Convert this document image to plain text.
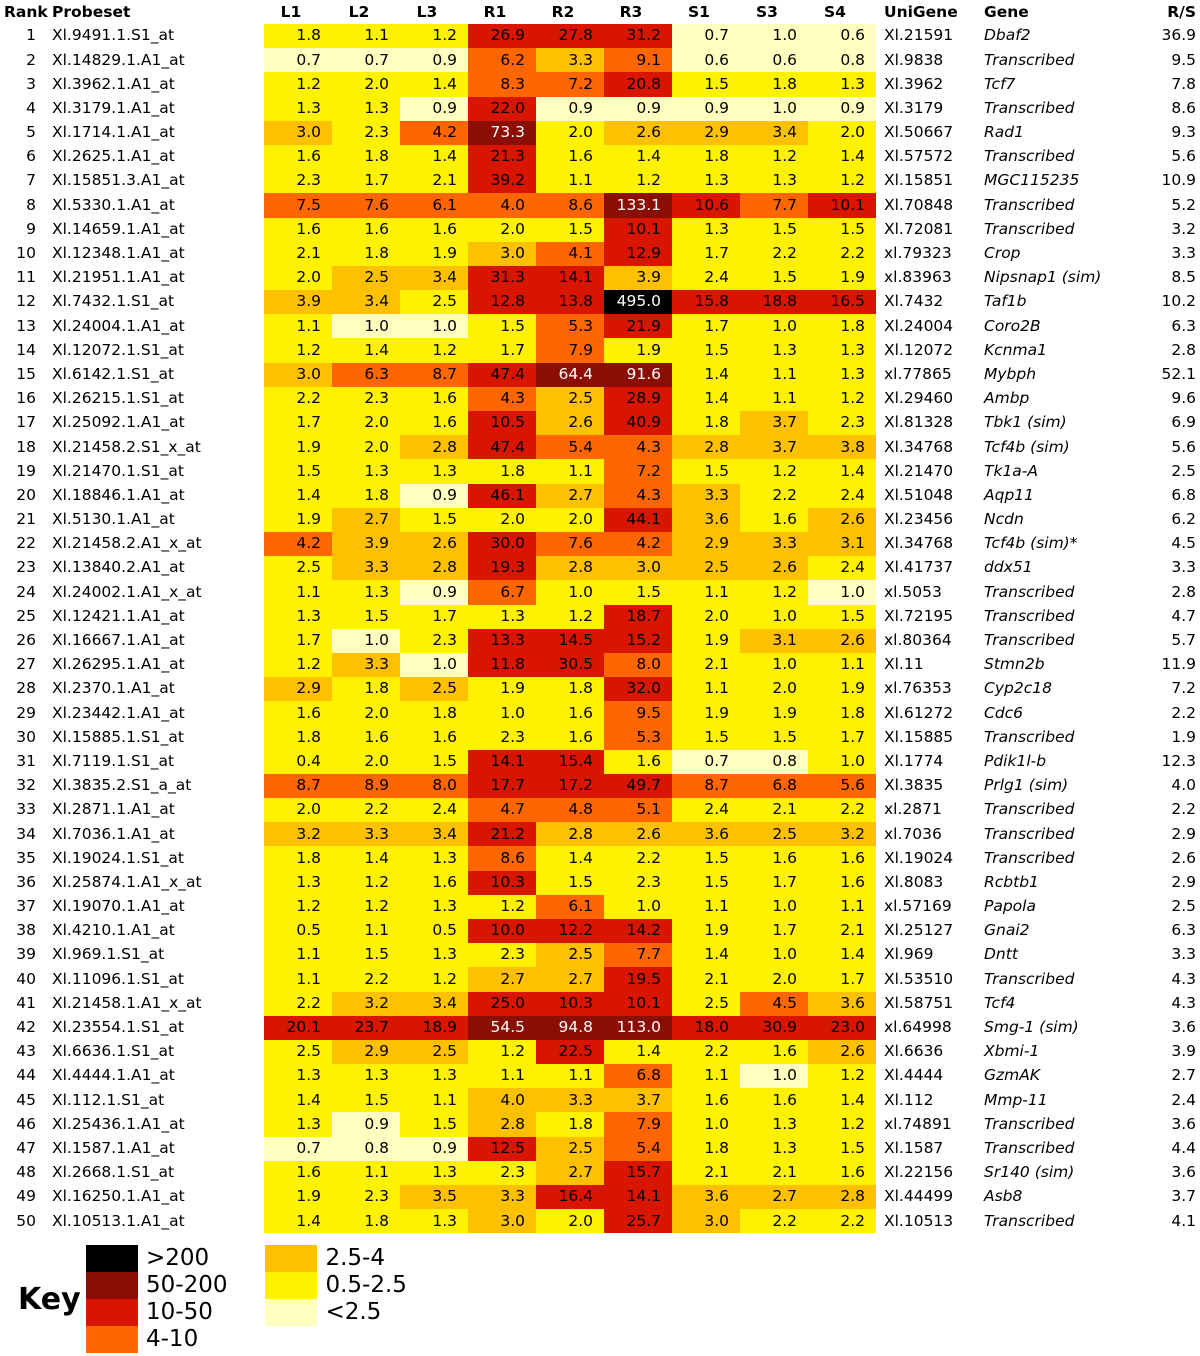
Rank Probeset	L1	L2	L3	R1	R2	R3	S1	S3	S4	UniGene	Gene	R/S
1	Xl.9491.1.S1_at	1.8	1.1	1.2	26.9	27.8	31.2	0.7	1.0	0.6	Xl.21591	Dbaf2	36.9
2	Xl.14829.1.A1_at	0.7	0.7	0.9	6.2	3.3	9.1	0.6	0.6	0.8	Xl.9838	Transcribed	9.5
3	Xl.3962.1.A1_at	1.2	2.0	1.4	8.3	7.2	20.8	1.5	1.8	1.3	Xl.3962	Tcf7	7.8
4	Xl.3179.1.A1_at	1.3	1.3	0.9	22.0	0.9	0.9	0.9	1.0	0.9	Xl.3179	Transcribed	8.6
5	Xl.1714.1.A1_at	3.0	2.3	4.2	73.3	2.0	2.6	2.9	3.4	2.0	Xl.50667	Rad1	9.3
6	Xl.2625.1.A1_at	1.6	1.8	1.4	21.3	1.6	1.4	1.8	1.2	1.4	Xl.57572	Transcribed	5.6
7	Xl.15851.3.A1_at	2.3	1.7	2.1	39.2	1.1	1.2	1.3	1.3	1.2	Xl.15851	MGC115235	10.9
8	Xl.5330.1.A1_at	7.5	7.6	6.1	4.0	8.6	133.1	10.6	7.7	10.1	Xl.70848	Transcribed	5.2
9	Xl.14659.1.A1_at	1.6	1.6	1.6	2.0	1.5	10.1	1.3	1.5	1.5	Xl.72081	Transcribed	3.2
10	Xl.12348.1.A1_at	2.1	1.8	1.9	3.0	4.1	12.9	1.7	2.2	2.2	xl.79323	Crop	3.3
11	Xl.21951.1.A1_at	2.0	2.5	3.4	31.3	14.1	3.9	2.4	1.5	1.9	xl.83963	Nipsnap1 (sim)	8.5
12	Xl.7432.1.S1_at	3.9	3.4	2.5	12.8	13.8	495.0	15.8	18.8	16.5	Xl.7432	Taf1b	10.2
13	Xl.24004.1.A1_at	1.1	1.0	1.0	1.5	5.3	21.9	1.7	1.0	1.8	Xl.24004	Coro2B	6.3
14	Xl.12072.1.S1_at	1.2	1.4	1.2	1.7	7.9	1.9	1.5	1.3	1.3	Xl.12072	Kcnma1	2.8
15	Xl.6142.1.S1_at	3.0	6.3	8.7	47.4	64.4	91.6	1.4	1.1	1.3	xl.77865	Mybph	52.1
16	Xl.26215.1.S1_at	2.2	2.3	1.6	4.3	2.5	28.9	1.4	1.1	1.2	Xl.29460	Ambp	9.6
17	Xl.25092.1.A1_at	1.7	2.0	1.6	10.5	2.6	40.9	1.8	3.7	2.3	Xl.81328	Tbk1 (sim)	6.9
18	Xl.21458.2.S1_x_at	1.9	2.0	2.8	47.4	5.4	4.3	2.8	3.7	3.8	Xl.34768	Tcf4b (sim)	5.6
19	Xl.21470.1.S1_at	1.5	1.3	1.3	1.8	1.1	7.2	1.5	1.2	1.4	Xl.21470	Tk1a-A	2.5
20	Xl.18846.1.A1_at	1.4	1.8	0.9	46.1	2.7	4.3	3.3	2.2	2.4	Xl.51048	Aqp11	6.8
21	Xl.5130.1.A1_at	1.9	2.7	1.5	2.0	2.0	44.1	3.6	1.6	2.6	Xl.23456	Ncdn	6.2
22	Xl.21458.2.A1_x_at	4.2	3.9	2.6	30.0	7.6	4.2	2.9	3.3	3.1	Xl.34768	Tcf4b (sim)*	4.5
23	Xl.13840.2.A1_at	2.5	3.3	2.8	19.3	2.8	3.0	2.5	2.6	2.4	Xl.41737	ddx51	3.3
24	Xl.24002.1.A1_x_at	1.1	1.3	0.9	6.7	1.0	1.5	1.1	1.2	1.0	xl.5053	Transcribed	2.8
25	Xl.12421.1.A1_at	1.3	1.5	1.7	1.3	1.2	18.7	2.0	1.0	1.5	Xl.72195	Transcribed	4.7
26	Xl.16667.1.A1_at	1.7	1.0	2.3	13.3	14.5	15.2	1.9	3.1	2.6	xl.80364	Transcribed	5.7
27	Xl.26295.1.A1_at	1.2	3.3	1.0	11.8	30.5	8.0	2.1	1.0	1.1	Xl.11	Stmn2b	11.9
28	Xl.2370.1.A1_at	2.9	1.8	2.5	1.9	1.8	32.0	1.1	2.0	1.9	xl.76353	Cyp2c18	7.2
29	Xl.23442.1.A1_at	1.6	2.0	1.8	1.0	1.6	9.5	1.9	1.9	1.8	Xl.61272	Cdc6	2.2
30	Xl.15885.1.S1_at	1.8	1.6	1.6	2.3	1.6	5.3	1.5	1.5	1.7	Xl.15885	Transcribed	1.9
31	Xl.7119.1.S1_at	0.4	2.0	1.5	14.1	15.4	1.6	0.7	0.8	1.0	Xl.1774	Pdik1l-b	12.3
32	Xl.3835.2.S1_a_at	8.7	8.9	8.0	17.7	17.2	49.7	8.7	6.8	5.6	Xl.3835	Prlg1 (sim)	4.0
33	Xl.2871.1.A1_at	2.0	2.2	2.4	4.7	4.8	5.1	2.4	2.1	2.2	xl.2871	Transcribed	2.2
34	Xl.7036.1.A1_at	3.2	3.3	3.4	21.2	2.8	2.6	3.6	2.5	3.2	xl.7036	Transcribed	2.9
35	Xl.19024.1.S1_at	1.8	1.4	1.3	8.6	1.4	2.2	1.5	1.6	1.6	Xl.19024	Transcribed	2.6
36	Xl.25874.1.A1_x_at	1.3	1.2	1.6	10.3	1.5	2.3	1.5	1.7	1.6	Xl.8083	Rcbtb1	2.9
37	Xl.19070.1.A1_at	1.2	1.2	1.3	1.2	6.1	1.0	1.1	1.0	1.1	xl.57169	Papola	2.5
38	Xl.4210.1.A1_at	0.5	1.1	0.5	10.0	12.2	14.2	1.9	1.7	2.1	Xl.25127	Gnai2	6.3
39	Xl.969.1.S1_at	1.1	1.5	1.3	2.3	2.5	7.7	1.4	1.0	1.4	Xl.969	Dntt	3.3
40	Xl.11096.1.S1_at	1.1	2.2	1.2	2.7	2.7	19.5	2.1	2.0	1.7	Xl.53510	Transcribed	4.3
41	Xl.21458.1.A1_x_at	2.2	3.2	3.4	25.0	10.3	10.1	2.5	4.5	3.6	Xl.58751	Tcf4	4.3
42	Xl.23554.1.S1_at	20.1	23.7	18.9	54.5	94.8	113.0	18.0	30.9	23.0	xl.64998	Smg-1 (sim)	3.6
43	Xl.6636.1.S1_at	2.5	2.9	2.5	1.2	22.5	1.4	2.2	1.6	2.6	Xl.6636	Xbmi-1	3.9
44	Xl.4444.1.A1_at	1.3	1.3	1.3	1.1	1.1	6.8	1.1	1.0	1.2	Xl.4444	GzmAK	2.7
45	Xl.112.1.S1_at	1.4	1.5	1.1	4.0	3.3	3.7	1.6	1.6	1.4	Xl.112	Mmp-11	2.4
46	Xl.25436.1.A1_at	1.3	0.9	1.5	2.8	1.8	7.9	1.0	1.3	1.2	xl.74891	Transcribed	3.6
47	Xl.1587.1.A1_at	0.7	0.8	0.9	12.5	2.5	5.4	1.8	1.3	1.5	Xl.1587	Transcribed	4.4
48	Xl.2668.1.S1_at	1.6	1.1	1.3	2.3	2.7	15.7	2.1	2.1	1.6	Xl.22156	Sr140 (sim)	3.6
49	Xl.16250.1.A1_at	1.9	2.3	3.5	3.3	16.4	14.1	3.6	2.7	2.8	Xl.44499	Asb8	3.7
50	Xl.10513.1.A1_at	1.4	1.8	1.3	3.0	2.0	25.7	3.0	2.2	2.2	Xl.10513	Transcribed	4.1
Key
>200
50-200
10-50
4-10
2.5-4
0.5-2.5
<2.5
